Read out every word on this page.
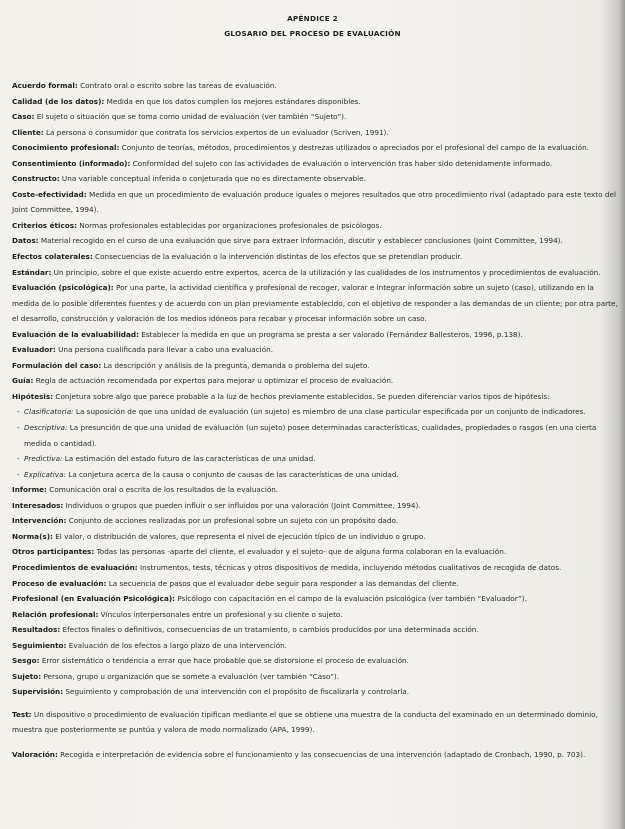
APÉNDICE 2
GLOSARIO DEL PROCESO DE EVALUACIÓN

Acuerdo formal: Contrato oral o escrito sobre las tareas de evaluación.

Calidad (de los datos): Medida en que los datos cumplen los mejores estándares disponibles.

Caso: El sujeto o situación que se toma como unidad de evaluación (ver también “Sujeto”).

Cliente: La persona o consumidor que contrata los servicios expertos de un evaluador (Scriven, 1991).

Conocimiento profesional: Conjunto de teorías, métodos, procedimientos y destrezas utilizados o apreciados por el profesional del campo de la evaluación.

Consentimiento (informado): Conformidad del sujeto con las actividades de evaluación o intervención tras haber sido detenidamente informado.

Constructo: Una variable conceptual inferida o conjeturada que no es directamente observable.

Coste-efectividad: Medida en que un procedimiento de evaluación produce iguales o mejores resultados que otro procedimiento rival (adaptado para este texto del Joint Committee, 1994).

Criterios éticos: Normas profesionales establecidas por organizaciones profesionales de psicólogos.

Datos: Material recogido en el curso de una evaluación que sirve para extraer información, discutir y establecer conclusiones (Joint Committee, 1994).

Efectos colaterales: Consecuencias de la evaluación o la intervención distintas de los efectos que se pretendían producir.

Estándar: Un principio, sobre el que existe acuerdo entre expertos, acerca de la utilización y las cualidades de los instrumentos y procedimientos de evaluación.

Evaluación (psicológica): Por una parte, la actividad científica y profesional de recoger, valorar e integrar información sobre un sujeto (caso), utilizando en la medida de lo posible diferentes fuentes y de acuerdo con un plan previamente establecido, con el objetivo de responder a las demandas de un cliente; por otra parte, el desarrollo, construcción y valoración de los medios idóneos para recabar y procesar información sobre un caso.

Evaluación de la evaluabilidad: Establecer la medida en que un programa se presta a ser valorado (Fernández Ballesteros, 1996, p.138).

Evaluador: Una persona cualificada para llevar a cabo una evaluación.

Formulación del caso: La descripción y análisis de la pregunta, demanda o problema del sujeto.

Guía: Regla de actuación recomendada por expertos para mejorar u optimizar el proceso de evaluación.

Hipótesis: Conjetura sobre algo que parece probable a la luz de hechos previamente establecidos. Se pueden diferenciar varios tipos de hipótesis:

- Clasificatoria: La suposición de que una unidad de evaluación (un sujeto) es miembro de una clase particular especificada por un conjunto de indicadores.

- Descriptiva: La presunción de que una unidad de evaluación (un sujeto) posee determinadas características, cualidades, propiedades o rasgos (en una cierta medida o cantidad).

- Predictiva: La estimación del estado futuro de las características de una unidad.

- Explicativa: La conjetura acerca de la causa o conjunto de causas de las características de una unidad.

Informe: Comunicación oral o escrita de los resultados de la evaluación.

Interesados: Individuos o grupos que pueden influir o ser influidos por una valoración (Joint Committee, 1994).

Intervención: Conjunto de acciones realizadas por un profesional sobre un sujeto con un propósito dado.

Norma(s): El valor, o distribución de valores, que representa el nivel de ejecución típico de un individuo o grupo.

Otros participantes: Todas las personas -aparte del cliente, el evaluador y el sujeto- que de alguna forma colaboran en la evaluación.

Procedimientos de evaluación: Instrumentos, tests, técnicas y otros dispositivos de medida, incluyendo métodos cualitativos de recogida de datos.

Proceso de evaluación: La secuencia de pasos que el evaluador debe seguir para responder a las demandas del cliente.

Profesional (en Evaluación Psicológica): Psicólogo con capacitación en el campo de la evaluación psicológica (ver también “Evaluador”).

Relación profesional: Vínculos interpersonales entre un profesional y su cliente o sujeto.

Resultados: Efectos finales o definitivos, consecuencias de un tratamiento, o cambios producidos por una determinada acción.

Seguimiento: Evaluación de los efectos a largo plazo de una intervención.

Sesgo: Error sistemático o tendencia a errar que hace probable que se distorsione el proceso de evaluación.

Sujeto: Persona, grupo u organización que se somete a evaluación (ver también “Caso”).

Supervisión: Seguimiento y comprobación de una intervención con el propósito de fiscalizarla y controlarla.

Test: Un dispositivo o procedimiento de evaluación tipifican mediante el que se obtiene una muestra de la conducta del examinado en un determinado dominio, muestra que posteriormente se puntúa y valora de modo normalizado (APA, 1999).

Valoración: Recogida e interpretación de evidencia sobre el funcionamiento y las consecuencias de una intervención (adaptado de Cronbach, 1990, p. 703).
